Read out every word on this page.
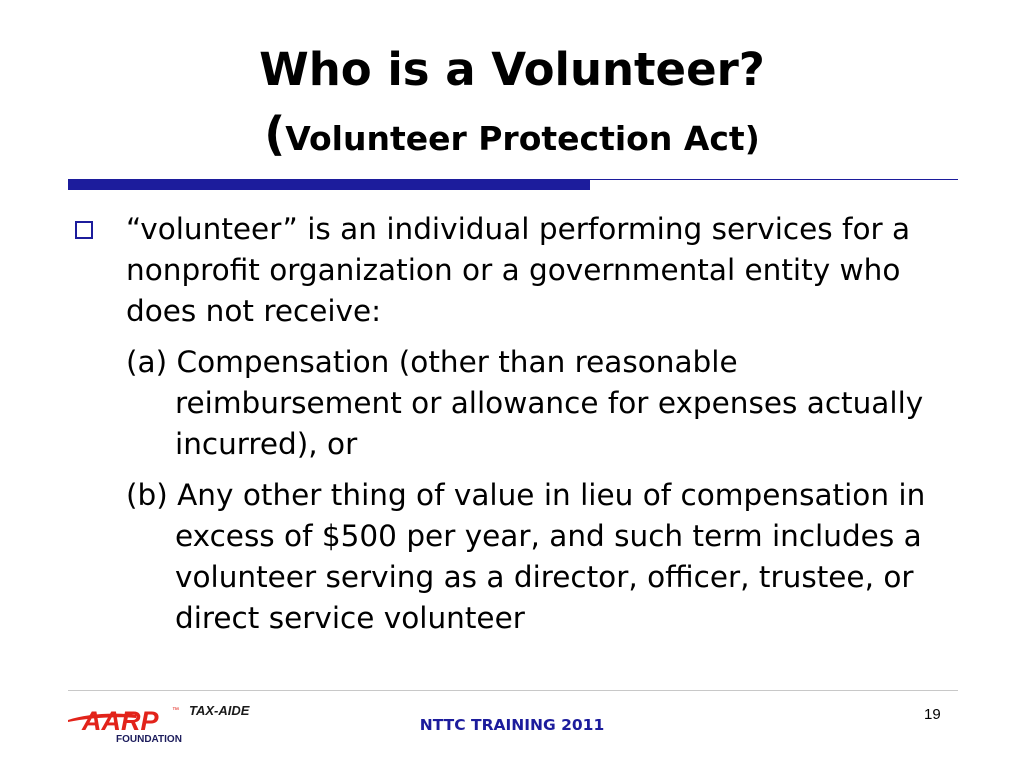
Who is a Volunteer?
(Volunteer Protection Act)

“volunteer” is an individual performing services for a nonprofit organization or a governmental entity who does not receive:

(a) Compensation (other than reasonable reimbursement or allowance for expenses actually incurred), or

(b) Any other thing of value in lieu of compensation in excess of $500 per year, and such term includes a volunteer serving as a director, officer, trustee, or direct service volunteer

AARP ™ TAX-AIDE
FOUNDATION
NTTC TRAINING 2011
19
